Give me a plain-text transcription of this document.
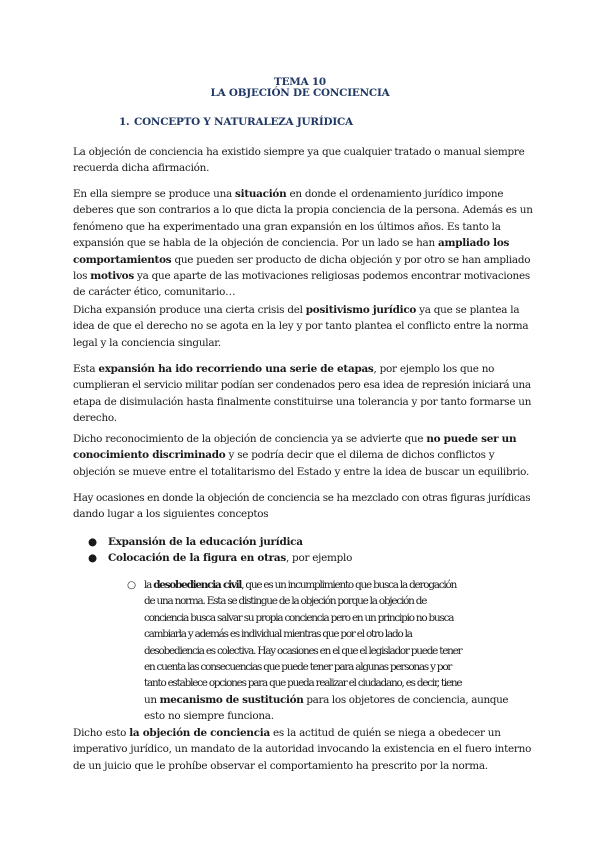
TEMA 10
LA OBJECIÓN DE CONCIENCIA
1. CONCEPTO Y NATURALEZA JURÍDICA

La objeción de conciencia ha existido siempre ya que cualquier tratado o manual siempre

recuerda dicha afirmación.

En ella siempre se produce una situación en donde el ordenamiento jurídico impone

deberes que son contrarios a lo que dicta la propia conciencia de la persona. Además es un

fenómeno que ha experimentado una gran expansión en los últimos años. Es tanto la

expansión que se habla de la objeción de conciencia. Por un lado se han ampliado los

comportamientos que pueden ser producto de dicha objeción y por otro se han ampliado

los motivos ya que aparte de las motivaciones religiosas podemos encontrar motivaciones

de carácter ético, comunitario…

Dicha expansión produce una cierta crisis del positivismo jurídico ya que se plantea la

idea de que el derecho no se agota en la ley y por tanto plantea el conflicto entre la norma

legal y la conciencia singular.

Esta expansión ha ido recorriendo una serie de etapas, por ejemplo los que no

cumplieran el servicio militar podían ser condenados pero esa idea de represión iniciará una

etapa de disimulación hasta finalmente constituirse una tolerancia y por tanto formarse un

derecho.

Dicho reconocimiento de la objeción de conciencia ya se advierte que no puede ser un

conocimiento discriminado y se podría decir que el dilema de dichos conflictos y

objeción se mueve entre el totalitarismo del Estado y entre la idea de buscar un equilibrio.

Hay ocasiones en donde la objeción de conciencia se ha mezclado con otras figuras jurídicas

dando lugar a los siguientes conceptos

● Expansión de la educación jurídica
● Colocación de la figura en otras, por ejemplo
○ la desobediencia civil, que es un incumplimiento que busca la derogación

de una norma. Esta se distingue de la objeción porque la objeción de

conciencia busca salvar su propia conciencia pero en un principio no busca

cambiarla y además es individual mientras que por el otro lado la

desobediencia es colectiva. Hay ocasiones en el que el legislador puede tener

en cuenta las consecuencias que puede tener para algunas personas y por

tanto establece opciones para que pueda realizar el ciudadano, es decir, tiene

un mecanismo de sustitución para los objetores de conciencia, aunque

esto no siempre funciona.

Dicho esto la objeción de conciencia es la actitud de quién se niega a obedecer un

imperativo jurídico, un mandato de la autoridad invocando la existencia en el fuero interno

de un juicio que le prohíbe observar el comportamiento ha prescrito por la norma.
